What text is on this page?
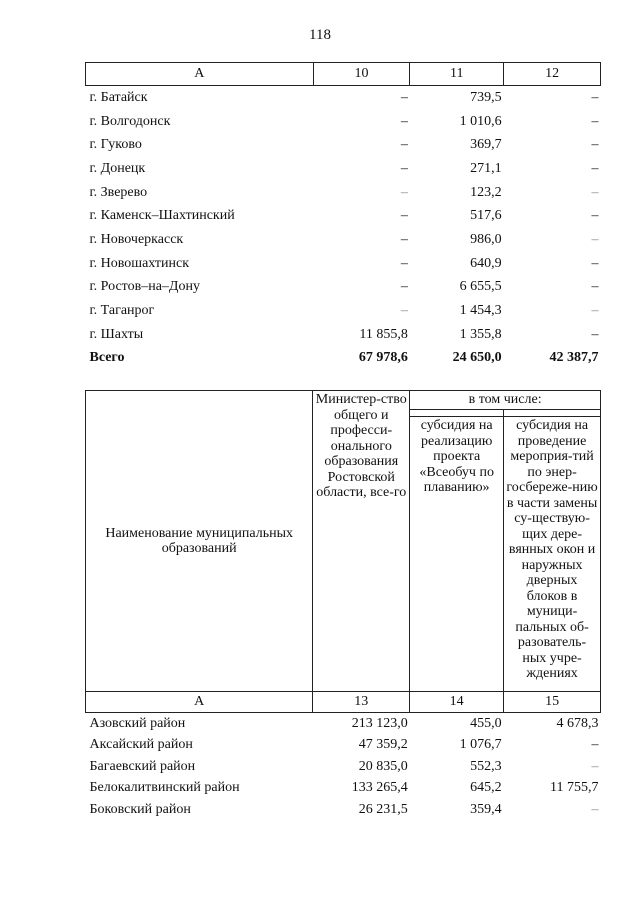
118
А	10	11	12
г. Батайск	–	739,5	–
г. Волгодонск	–	1 010,6	–
г. Гуково	–	369,7	–
г. Донецк	–	271,1	–
г. Зверево	–	123,2	–
г. Каменск–Шахтинский	–	517,6	–
г. Новочеркасск	–	986,0	–
г. Новошахтинск	–	640,9	–
г. Ростов–на–Дону	–	6 655,5	–
г. Таганрог	–	1 454,3	–
г. Шахты	11 855,8	1 355,8	–
Всего	67 978,6	24 650,0	42 387,7
Наименование муниципальных образований	Министер-ство общего и професси-онального образования Ростовской области, все-го	в том числе:	

		субсидия на реализацию проекта «Всеобуч по плаванию»	субсидия на проведение мероприя-тий по энер-госбереже-нию в части замены су-ществую-щих дере-вянных окон и наружных дверных блоков в муници-пальных об-разователь-ных учре-ждениях
А	13	14	15
Азовский район	213 123,0	455,0	4 678,3
Аксайский район	47 359,2	1 076,7	–
Багаевский район	20 835,0	552,3	–
Белокалитвинский район	133 265,4	645,2	11 755,7
Боковский район	26 231,5	359,4	–
